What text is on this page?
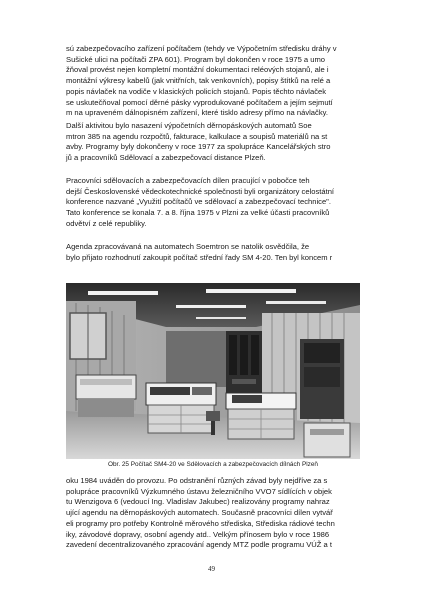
sú zabezpečovacího zařízení počítačem (tehdy ve Výpočetním středisku dráhy v
Sušické ulici na počítači ZPA 601). Program byl dokončen v roce 1975 a umo
žňoval provést nejen kompletní montážní dokumentaci reléových stojanů, ale i
montážní výkresy kabelů (jak vnitřních, tak venkovních), popisy štítků na relé a
popis návlaček na vodiče v klasických policích stojanů. Popis těchto návlaček
se uskutečňoval pomocí děrné pásky vyprodukované počítačem a jejím sejmutí
m na upraveném dálnopisném zařízení, které tisklo adresy přímo na návlačky.
Další aktivitou bylo nasazení výpočetních děrnopáskových automatů Soe
mtron 385 na agendu rozpočtů, fakturace, kalkulace a soupisů materiálů na st
avby. Programy byly dokončeny v roce 1977 za spolupráce Kancelářských stro
jů a pracovníků Sdělovací a zabezpečovací distance Plzeň.
Pracovníci sdělovacích a zabezpečovacích dílen pracující v pobočce teh
dejší Československé vědeckotechnické společnosti byli organizátory celostátní
konference nazvané „Využití počítačů ve sdělovací a zabezpečovací technice".
Tato konference se konala 7. a 8. října 1975 v Plzni za velké účasti pracovníků
odvětví z celé republiky.
Agenda zpracovávaná na automatech Soemtron se natolik osvědčila, že
bylo přijato rozhodnutí zakoupit počítač střední řady SM 4-20. Ten byl koncem r
Obr. 25 Počítač SM4-20 ve Sdělovacích a zabezpečovacích dílnách Plzeň
oku 1984 uváděn do provozu. Po odstranění různých závad byly nejdříve za s
polupráce pracovníků Výzkumného ústavu železničního VVO7 sídlících v objek
tu Wenzigova 6 (vedoucí Ing. Vladislav Jakubec) realizovány programy nahraz
ující agendu na děrnopáskových automatech. Současně pracovníci dílen vytvář
eli programy pro potřeby Kontrolně měrového střediska, Střediska rádiové techn
iky, závodové dopravy, osobní agendy atd.. Velkým přínosem bylo v roce 1986
zavedení decentralizovaného zpracování agendy MTZ podle programu VÚŽ a t
49
